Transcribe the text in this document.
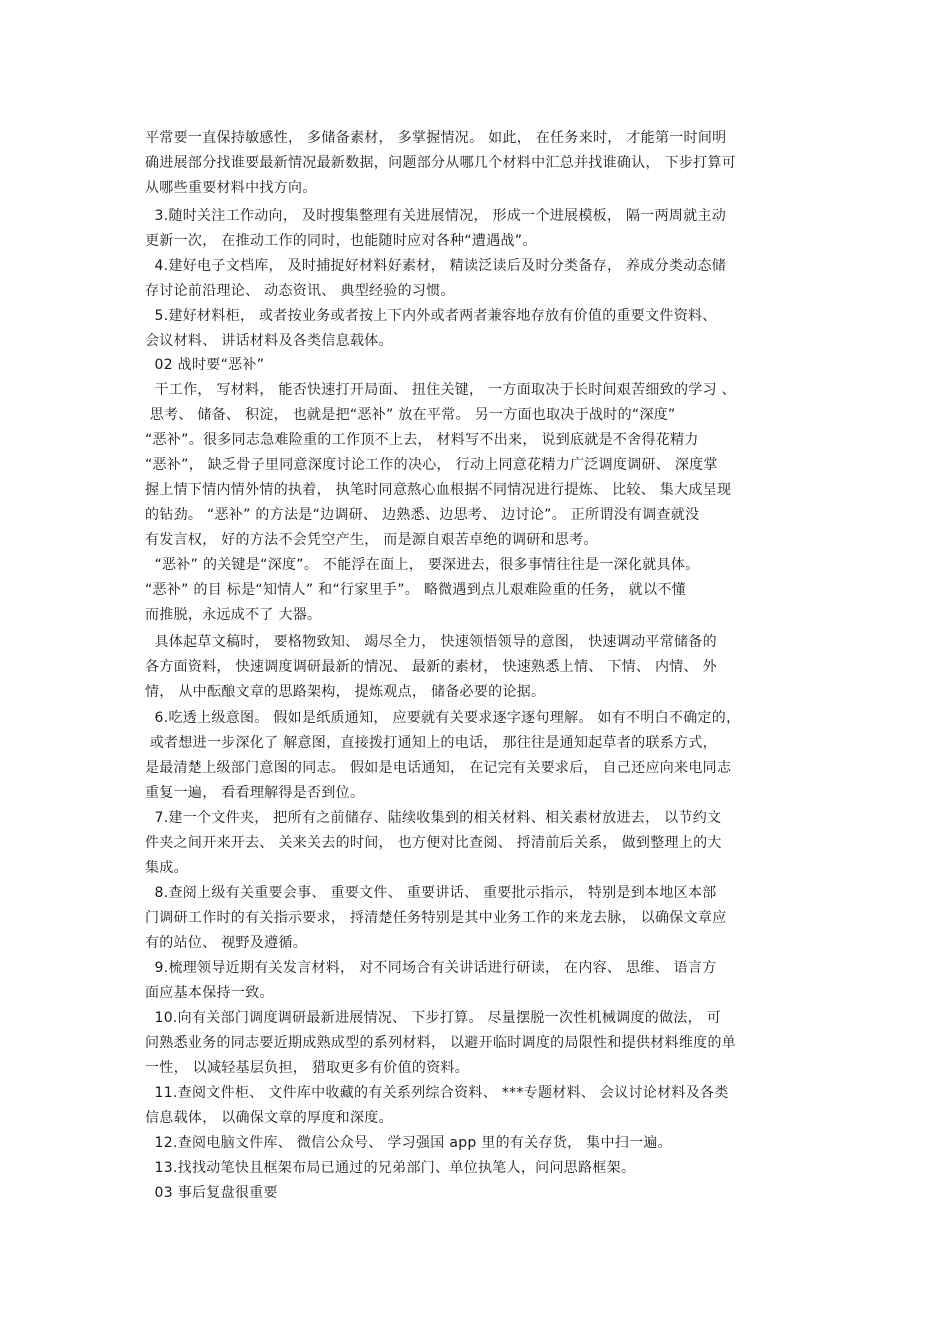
平常要一直保持敏感性， 多储备素材， 多掌握情况。 如此， 在任务来时， 才能第一时间明
确进展部分找谁要最新情况最新数据，问题部分从哪几个材料中汇总并找谁确认， 下步打算可
从哪些重要材料中找方向。
3.随时关注工作动向， 及时搜集整理有关进展情况， 形成一个进展模板， 隔一两周就主动
更新一次， 在推动工作的同时，也能随时应对各种“遭遇战”。
4.建好电子文档库， 及时捕捉好材料好素材， 精读泛读后及时分类备存， 养成分类动态储
存讨论前沿理论、 动态资讯、 典型经验的习惯。
5.建好材料柜， 或者按业务或者按上下内外或者两者兼容地存放有价值的重要文件资料、
会议材料、 讲话材料及各类信息载体。
02 战时要“恶补”
干工作， 写材料， 能否快速打开局面、 扭住关键， 一方面取决于长时间艰苦细致的学习 、
思考、 储备、 积淀， 也就是把“恶补” 放在平常。 另一方面也取决于战时的“深度”
“恶补”。很多同志急难险重的工作顶不上去， 材料写不出来， 说到底就是不舍得花精力
“恶补”， 缺乏骨子里同意深度讨论工作的决心， 行动上同意花精力广泛调度调研、 深度掌
握上情下情内情外情的执着， 执笔时同意熬心血根据不同情况进行提炼、 比较、 集大成呈现
的钻劲。 “恶补” 的方法是“边调研、 边熟悉、边思考、 边讨论”。 正所谓没有调查就没
有发言权， 好的方法不会凭空产生， 而是源自艰苦卓绝的调研和思考。
“恶补” 的关键是“深度”。 不能浮在面上， 要深进去，很多事情往往是一深化就具体。
“恶补” 的目 标是“知情人” 和“行家里手”。 略微遇到点儿艰难险重的任务， 就以不懂
而推脱，永远成不了 大器。
具体起草文稿时， 要格物致知、 竭尽全力， 快速领悟领导的意图， 快速调动平常储备的
各方面资料， 快速调度调研最新的情况、 最新的素材， 快速熟悉上情、 下情、 内情、 外
情， 从中酝酿文章的思路架构， 提炼观点， 储备必要的论据。
6.吃透上级意图。 假如是纸质通知， 应要就有关要求逐字逐句理解。 如有不明白不确定的，
或者想进一步深化了 解意图，直接拨打通知上的电话， 那往往是通知起草者的联系方式，
是最清楚上级部门意图的同志。 假如是电话通知， 在记完有关要求后， 自己还应向来电同志
重复一遍， 看看理解得是否到位。
7.建一个文件夹， 把所有之前储存、陆续收集到的相关材料、相关素材放进去， 以节约文
件夹之间开来开去、 关来关去的时间， 也方便对比查阅、 捋清前后关系， 做到整理上的大
集成。
8.查阅上级有关重要会事、 重要文件、 重要讲话、 重要批示指示， 特别是到本地区本部
门调研工作时的有关指示要求， 捋清楚任务特别是其中业务工作的来龙去脉， 以确保文章应
有的站位、 视野及遵循。
9.梳理领导近期有关发言材料， 对不同场合有关讲话进行研读， 在内容、 思维、 语言方
面应基本保持一致。
10.向有关部门调度调研最新进展情况、 下步打算。 尽量摆脱一次性机械调度的做法， 可
问熟悉业务的同志要近期成熟成型的系列材料， 以避开临时调度的局限性和提供材料维度的单
一性， 以减轻基层负担， 猎取更多有价值的资料。
11.查阅文件柜、 文件库中收藏的有关系列综合资料、 ***专题材料、 会议讨论材料及各类
信息载体， 以确保文章的厚度和深度。
12.查阅电脑文件库、 微信公众号、 学习强国 app 里的有关存货， 集中扫一遍。
13.找找动笔快且框架布局已通过的兄弟部门、单位执笔人，问问思路框架。
03 事后复盘很重要
